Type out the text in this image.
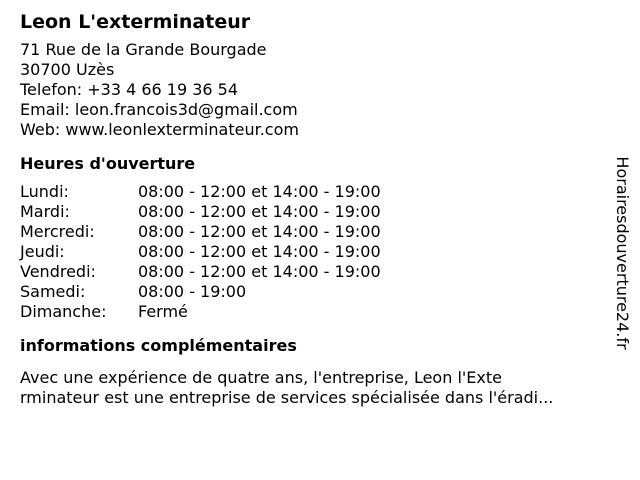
Leon L'exterminateur
71 Rue de la Grande Bourgade
30700 Uzès
Telefon: +33 4 66 19 36 54
Email: leon.francois3d@gmail.com
Web: www.leonlexterminateur.com
Heures d'ouverture
Lundi:	08:00 - 12:00 et 14:00 - 19:00
Mardi:	08:00 - 12:00 et 14:00 - 19:00
Mercredi:	08:00 - 12:00 et 14:00 - 19:00
Jeudi:	08:00 - 12:00 et 14:00 - 19:00
Vendredi:	08:00 - 12:00 et 14:00 - 19:00
Samedi:	08:00 - 19:00
Dimanche:	Fermé
informations complémentaires
Avec une expérience de quatre ans, l'entreprise, Leon l'Exte
rminateur est une entreprise de services spécialisée dans l'éradi...
Horairesdouverture24.fr
